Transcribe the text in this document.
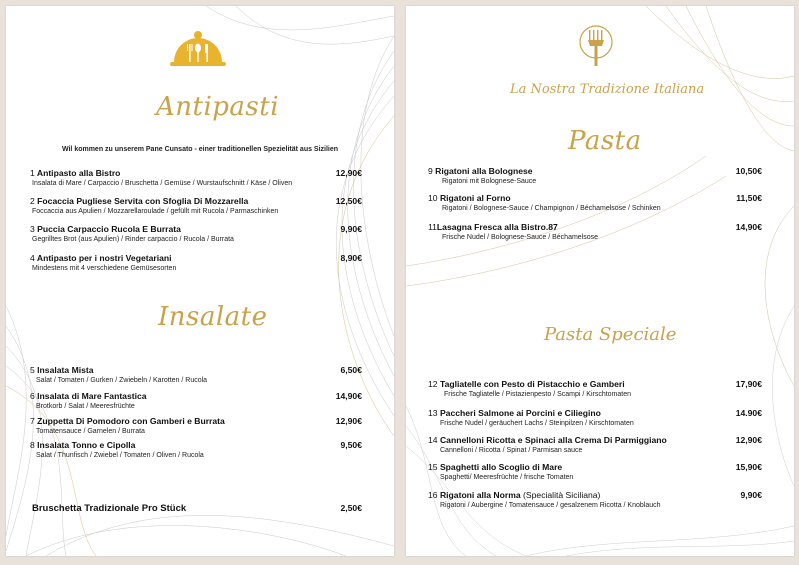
Antipasti
Wil kommen zu unserem Pane Cunsato - einer traditionellen Spezielität aus Sizilien
1 Antipasto alla Bistro
Insalata di Mare / Carpaccio / Bruschetta / Gemüse / Wurstaufschnitt / Käse / Oliven
12,90€
2 Focaccia Pugliese Servita con Sfoglia Di Mozzarella
Foccaccia aus Apulien / Mozzarellaroulade / gefüllt mit Rucola / Parmaschinken
12,50€
3 Puccia Carpaccio Rucola E Burrata
Gegrilltes Brot (aus Apulien) / Rinder carpaccio / Rucola / Burrata
9,90€
4 Antipasto per i nostri Vegetariani
Mindestens mit 4 verschiedene Gemüsesorten
8,90€
Insalate
5 Insalata Mista
Salat / Tomaten / Gurken / Zwiebeln / Karotten / Rucola
6,50€
6 Insalata di Mare Fantastica
Brotkorb / Salat / Meeresfrüchte
14,90€
7 Zuppetta Di Pomodoro con Gamberi e Burrata
Tomatensauce / Garnelen / Burrata
12,90€
8 Insalata Tonno e Cipolla
Salat / Thunfisch / Zwiebel / Tomaten / Oliven / Rucola
9,50€
Bruschetta Tradizionale Pro Stück	2,50€
La Nostra Tradizione Italiana
Pasta
9 Rigatoni alla Bolognese
Rigatoni mit Bolognese-Sauce
10,50€
10 Rigatoni al Forno
Rigatoni / Bolognese-Sauce / Champignon / Béchamelsose / Schinken
11,50€
11Lasagna Fresca alla Bistro.87
Frische Nudel / Bolognese-Sauce / Béchamelsose
14,90€
Pasta Speciale
12 Tagliatelle con Pesto di Pistacchio e Gamberi
Frische Tagliatelle / Pistazienpesto / Scampi / Kirschtomaten
17,90€
13 Paccheri Salmone ai Porcini e Ciliegino
Frische Nudel / geräuchert Lachs / Steinpilzen / Kirschtomaten
14.90€
14 Cannelloni Ricotta e Spinaci alla Crema Di Parmiggiano
Cannelloni / Ricotta / Spinat / Parmisan sauce
12,90€
15 Spaghetti allo Scoglio di Mare
Spaghetti/ Meeresfrüchte / frische Tomaten
15,90€
16 Rigatoni alla Norma (Specialità Siciliana)
Rigatoni / Aubergine / Tomatensauce / gesalzenem Ricotta / Knoblauch
9,90€
